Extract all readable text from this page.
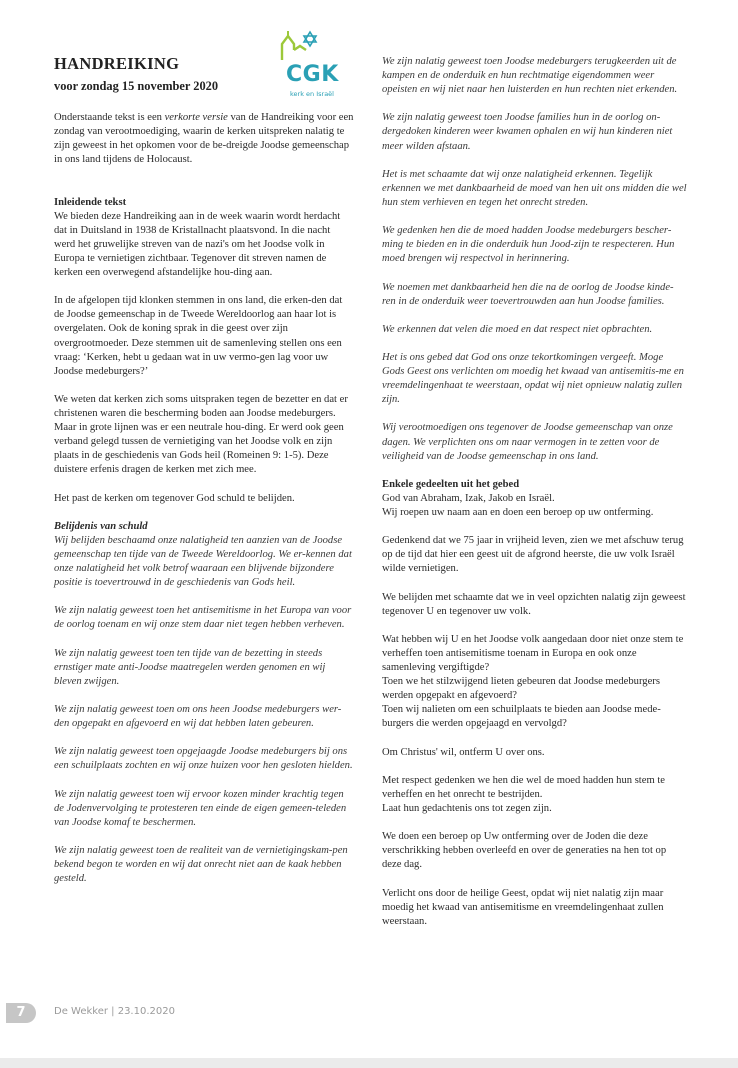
HANDREIKING
voor zondag 15 november 2020	CGK
kerk en Israël

Onderstaande tekst is een verkorte versie van de Handreiking voor een zondag van verootmoediging, waarin de kerken uitspreken nalatig te zijn geweest in het opkomen voor de be-dreigde Joodse gemeenschap in ons land tijdens de Holocaust.

Inleidende tekst

We bieden deze Handreiking aan in de week waarin wordt herdacht dat in Duitsland in 1938 de Kristallnacht plaatsvond. In die nacht werd het gruwelijke streven van de nazi's om het Joodse volk in Europa te vernietigen zichtbaar. Tegenover dit streven namen de kerken een overwegend afstandelijke hou-ding aan.

In de afgelopen tijd klonken stemmen in ons land, die erken-den dat de Joodse gemeenschap in de Tweede Wereldoorlog aan haar lot is overgelaten. Ook de koning sprak in die geest over zijn overgrootmoeder. Deze stemmen uit de samenleving stellen ons een vraag: ‘Kerken, hebt u gedaan wat in uw vermo-gen lag voor uw Joodse medeburgers?’

We weten dat kerken zich soms uitspraken tegen de bezetter en dat er christenen waren die bescherming boden aan Joodse medeburgers. Maar in grote lijnen was er een neutrale hou-ding. Er werd ook geen verband gelegd tussen de vernietiging van het Joodse volk en zijn plaats in de geschiedenis van Gods heil (Romeinen 9: 1-5). Deze duistere erfenis dragen de kerken met zich mee.

Het past de kerken om tegenover God schuld te belijden.

Belijdenis van schuld

Wij belijden beschaamd onze nalatigheid ten aanzien van de Joodse gemeenschap ten tijde van de Tweede Wereldoorlog. We er-kennen dat onze nalatigheid het volk betrof waaraan een blijvende bijzondere positie is toevertrouwd in de geschiedenis van Gods heil.

We zijn nalatig geweest toen het antisemitisme in het Europa van voor de oorlog toenam en wij onze stem daar niet tegen hebben verheven.

We zijn nalatig geweest toen ten tijde van de bezetting in steeds ernstiger mate anti-Joodse maatregelen werden genomen en wij bleven zwijgen.

We zijn nalatig geweest toen om ons heen Joodse medeburgers wer-den opgepakt en afgevoerd en wij dat hebben laten gebeuren.

We zijn nalatig geweest toen opgejaagde Joodse medeburgers bij ons een schuilplaats zochten en wij onze huizen voor hen gesloten hielden.

We zijn nalatig geweest toen wij ervoor kozen minder krachtig tegen de Jodenvervolging te protesteren ten einde de eigen gemeen-teleden van Joodse komaf te beschermen.

We zijn nalatig geweest toen de realiteit van de vernietigingskam-pen bekend begon te worden en wij dat onrecht niet aan de kaak hebben gesteld.

We zijn nalatig geweest toen Joodse medeburgers terugkeerden uit de kampen en de onderduik en hun rechtmatige eigendommen weer opeisten en wij niet naar hen luisterden en hun rechten niet erkenden.

We zijn nalatig geweest toen Joodse families hun in de oorlog on-dergedoken kinderen weer kwamen ophalen en wij hun kinderen niet meer wilden afstaan.

Het is met schaamte dat wij onze nalatigheid erkennen. Tegelijk erkennen we met dankbaarheid de moed van hen uit ons midden die wel hun stem verhieven en tegen het onrecht streden.

We gedenken hen die de moed hadden Joodse medeburgers bescher-ming te bieden en in die onderduik hun Jood-zijn te respecteren. Hun moed brengen wij respectvol in herinnering.

We noemen met dankbaarheid hen die na de oorlog de Joodse kinde-ren in de onderduik weer toevertrouwden aan hun Joodse families.

We erkennen dat velen die moed en dat respect niet opbrachten.

Het is ons gebed dat God ons onze tekortkomingen vergeeft. Moge Gods Geest ons verlichten om moedig het kwaad van antisemitis-me en vreemdelingenhaat te weerstaan, opdat wij niet opnieuw nalatig zullen zijn.

Wij verootmoedigen ons tegenover de Joodse gemeenschap van onze dagen. We verplichten ons om naar vermogen in te zetten voor de veiligheid van de Joodse gemeenschap in ons land.

Enkele gedeelten uit het gebed
God van Abraham, Izak, Jakob en Israël.

Wij roepen uw naam aan en doen een beroep op uw ontferming.

Gedenkend dat we 75 jaar in vrijheid leven, zien we met afschuw terug op de tijd dat hier een geest uit de afgrond heerste, die uw volk Israël wilde vernietigen.

We belijden met schaamte dat we in veel opzichten nalatig zijn geweest tegenover U en tegenover uw volk.

Wat hebben wij U en het Joodse volk aangedaan door niet onze stem te verheffen toen antisemitisme toenam in Europa en ook onze samenleving vergiftigde?
Toen we het stilzwijgend lieten gebeuren dat Joodse medeburgers werden opgepakt en afgevoerd?

Toen wij nalieten om een schuilplaats te bieden aan Joodse mede-burgers die werden opgejaagd en vervolgd?

Om Christus' wil, ontferm U over ons.

Met respect gedenken we hen die wel de moed hadden hun stem te verheffen en het onrecht te bestrijden.

Laat hun gedachtenis ons tot zegen zijn.

We doen een beroep op Uw ontferming over de Joden die deze verschrikking hebben overleefd en over de generaties na hen tot op deze dag.

Verlicht ons door de heilige Geest, opdat wij niet nalatig zijn maar moedig het kwaad van antisemitisme en vreemdelingenhaat zullen weerstaan.

7	De Wekker | 23.10.2020
